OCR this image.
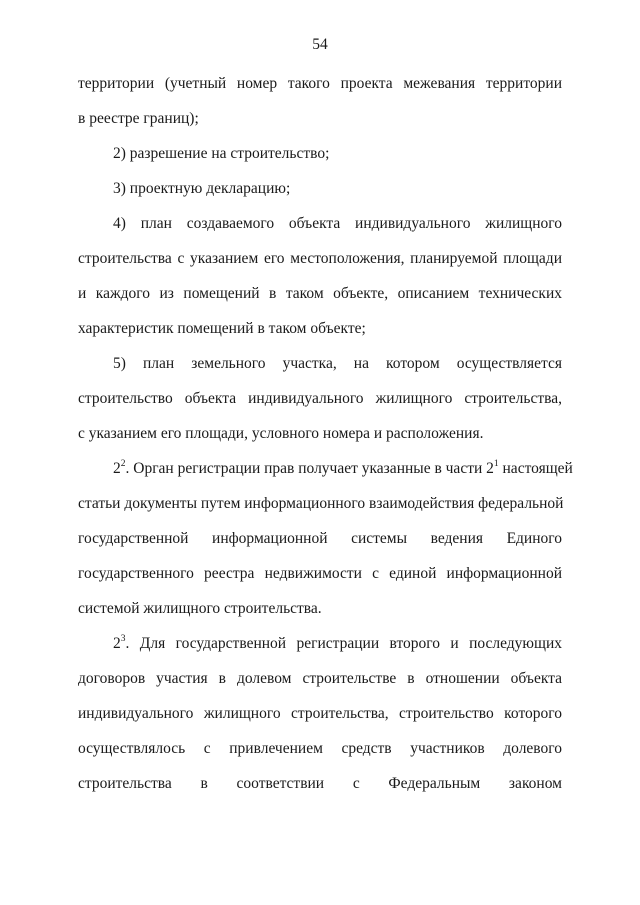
54
территории (учетный номер такого проекта межевания территории
в реестре границ);
2) разрешение на строительство;
3) проектную декларацию;
4) план создаваемого объекта индивидуального жилищного
строительства с указанием его местоположения, планируемой площади
и каждого из помещений в таком объекте, описанием технических
характеристик помещений в таком объекте;
5) план земельного участка, на котором осуществляется
строительство объекта индивидуального жилищного строительства,
с указанием его площади, условного номера и расположения.
$2^2$. Орган регистрации прав получает указанные в части $2^1$ настоящей
статьи документы путем информационного взаимодействия федеральной
государственной информационной системы ведения Единого
государственного реестра недвижимости с единой информационной
системой жилищного строительства.
$2^3$. Для государственной регистрации второго и последующих
договоров участия в долевом строительстве в отношении объекта
индивидуального жилищного строительства, строительство которого
осуществлялось с привлечением средств участников долевого
строительства в соответствии с Федеральным законом
